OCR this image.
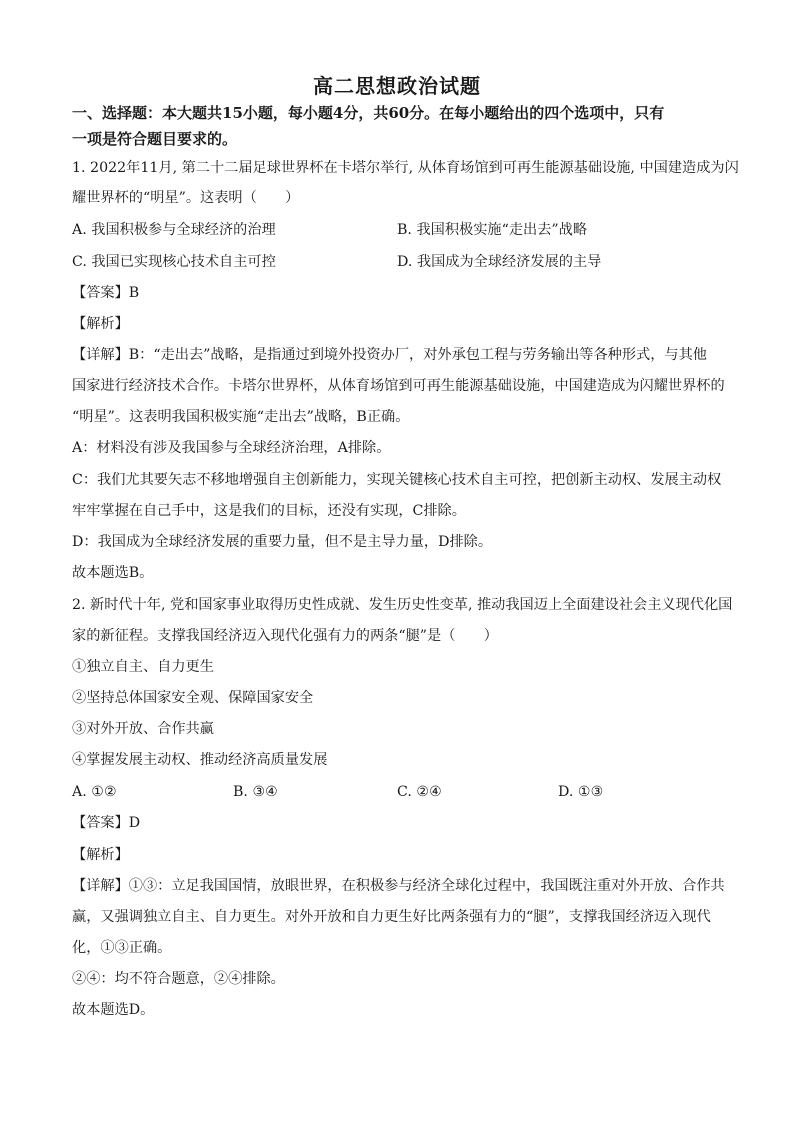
高二思想政治试题
一、选择题：本大题共15小题，每小题4分，共60分。在每小题给出的四个选项中，只有
一项是符合题目要求的。
1. 2022年11月, 第二十二届足球世界杯在卡塔尔举行, 从体育场馆到可再生能源基础设施, 中国建造成为闪
耀世界杯的“明星”。这表明（　　）
A. 我国积极参与全球经济的治理	B. 我国积极实施“走出去”战略
C. 我国已实现核心技术自主可控	D. 我国成为全球经济发展的主导
【答案】B
【解析】
【详解】B：“走出去”战略，是指通过到境外投资办厂，对外承包工程与劳务输出等各种形式，与其他
国家进行经济技术合作。卡塔尔世界杯，从体育场馆到可再生能源基础设施，中国建造成为闪耀世界杯的
“明星”。这表明我国积极实施“走出去”战略，B正确。
A：材料没有涉及我国参与全球经济治理，A排除。
C：我们尤其要矢志不移地增强自主创新能力，实现关键核心技术自主可控，把创新主动权、发展主动权
牢牢掌握在自己手中，这是我们的目标，还没有实现，C排除。
D：我国成为全球经济发展的重要力量，但不是主导力量，D排除。
故本题选B。
2. 新时代十年, 党和国家事业取得历史性成就、发生历史性变革, 推动我国迈上全面建设社会主义现代化国
家的新征程。支撑我国经济迈入现代化强有力的两条“腿”是（　　）
①独立自主、自力更生
②坚持总体国家安全观、保障国家安全
③对外开放、合作共赢
④掌握发展主动权、推动经济高质量发展
A. ①②	B. ③④	C. ②④	D. ①③
【答案】D
【解析】
【详解】①③：立足我国国情，放眼世界，在积极参与经济全球化过程中，我国既注重对外开放、合作共
赢，又强调独立自主、自力更生。对外开放和自力更生好比两条强有力的“腿”，支撑我国经济迈入现代
化，①③正确。
②④：均不符合题意，②④排除。
故本题选D。
